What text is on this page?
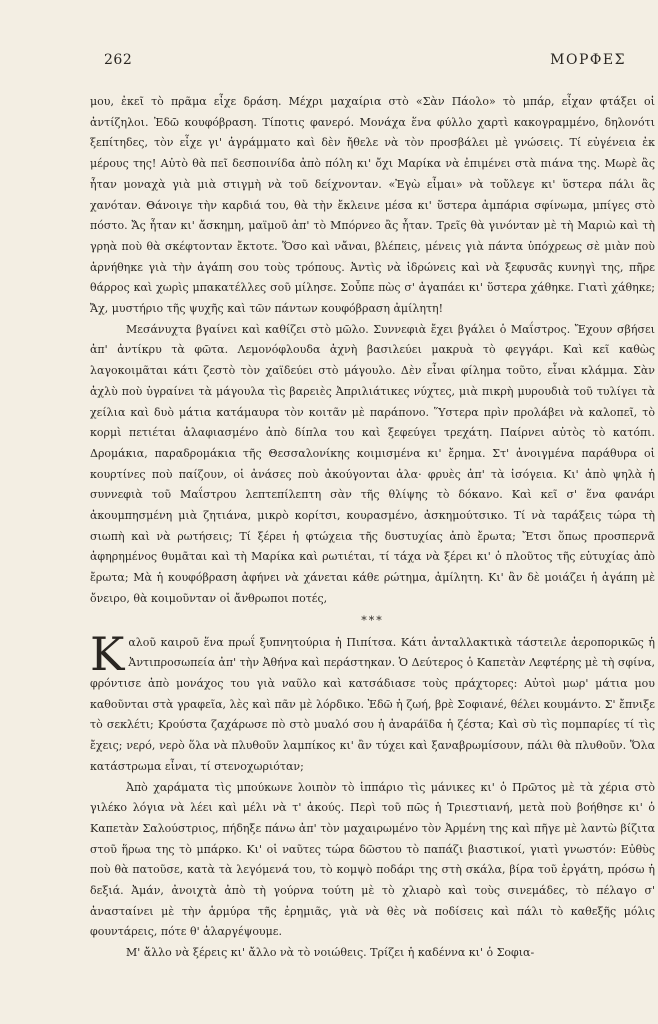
262	ΜΟΡΦΕΣ

μου, ἐκεῖ τὸ πρᾶμα εἶχε δράση. Μέχρι μαχαίρια στὸ «Σὰν Πάολο» τὸ μπάρ, εἶχαν φτάξει οἱ ἀντίζηλοι. Ἐδῶ κουφόβραση. Τίποτις φανερό. Μονάχα ἕνα φύλλο χαρτὶ κακογραμμένο, δηλονότι ξεπίτηδες, τὸν εἶχε γι' ἀγράμματο καὶ δὲν ἤθελε νὰ τὸν προσβάλει μὲ γνώσεις. Τί εὐγένεια ἐκ μέρους της! Αὐτὸ θὰ πεῖ δεσποινίδα ἀπὸ πόλη κι' ὄχι Μαρίκα νὰ ἐπιμένει στὰ πιάνα της. Μωρὲ ἂς ἦταν μοναχὰ γιὰ μιὰ στιγμὴ νὰ τοῦ δείχνονταν. «Ἐγὼ εἶμαι» νὰ τοὔλεγε κι' ὕστερα πάλι ἂς χανόταν. Θάνοιγε τὴν καρδιά του, θὰ τὴν ἔκλεινε μέσα κι' ὕστερα ἀμπάρια σφίνωμα, μπίγες στὸ πόστο. Ἄς ἦταν κι' ἄσκημη, μαϊμοῦ ἀπ' τὸ Μπόρνεο ἂς ἦταν. Τρεῖς θὰ γινόνταν μὲ τὴ Μαριὼ καὶ τὴ γρηὰ ποὺ θὰ σκέφτονταν ἔκτοτε. Ὅσο καὶ νἄναι, βλέπεις, μένεις γιὰ πάντα ὑπόχρεως σὲ μιὰν ποὺ ἀρνήθηκε γιὰ τὴν ἀγάπη σου τοὺς τρόπους. Ἀντὶς νὰ ἰδρώνεις καὶ νὰ ξεφυσᾶς κυνηγὶ της, πῆρε θάρρος καὶ χωρὶς μπακατέλλες σοῦ μίλησε. Σοὖπε πὼς σ' ἀγαπάει κι' ὕστερα χάθηκε. Γιατὶ χάθηκε; Ἄχ, μυστήριο τῆς ψυχῆς καὶ τῶν πάντων κουφόβραση ἀμίλητη!

Μεσάνυχτα βγαίνει καὶ καθίζει στὸ μῶλο. Συννεφιὰ ἔχει βγάλει ὁ Μαΐστρος. Ἔχουν σβήσει ἀπ' ἀντίκρυ τὰ φῶτα. Λεμονόφλουδα ἀχνὴ βασιλεύει μακρυὰ τὸ φεγγάρι. Καὶ κεῖ καθὼς λαγοκοιμᾶται κάτι ζεστὸ τὸν χαϊδεύει στὸ μάγουλο. Δὲν εἶναι φίλημα τοῦτο, εἶναι κλάμμα. Σὰν ἀχλὺ ποὺ ὑγραίνει τὰ μάγουλα τὶς βαρειὲς Ἀπριλιάτικες νύχτες, μιὰ πικρὴ μυρουδιὰ τοῦ τυλίγει τὰ χείλια καὶ δυὸ μάτια κατάμαυρα τὸν κοιτᾶν μὲ παράπονο. Ὕστερα πρὶν προλάβει νὰ καλοπεῖ, τὸ κορμὶ πετιέται ἀλαφιασμένο ἀπὸ δίπλα του καὶ ξεφεύγει τρεχάτη. Παίρνει αὐτὸς τὸ κατόπι. Δρομάκια, παραδρομάκια τῆς Θεσσαλονίκης κοιμισμένα κι' ἔρημα. Στ' ἀνοιγμένα παράθυρα οἱ κουρτίνες ποὺ παίζουν, οἱ ἀνάσες ποὺ ἀκούγονται ἀλα· φρυὲς ἀπ' τὰ ἰσόγεια. Κι' ἀπὸ ψηλὰ ἡ συννεφιὰ τοῦ Μαΐστρου λεπτεπίλεπτη σὰν τῆς θλίψης τὸ δόκανο. Καὶ κεῖ σ' ἕνα φανάρι ἀκουμπησμένη μιὰ ζητιάνα, μικρὸ κορίτσι, κουρασμένο, ἀσκημούτσικο. Τί νὰ ταράξεις τώρα τὴ σιωπὴ καὶ νὰ ρωτήσεις; Τί ξέρει ἡ φτώχεια τῆς δυστυχίας ἀπὸ ἔρωτα; Ἔτσι ὅπως προσπερνᾶ ἀφηρημένος θυμᾶται καὶ τὴ Μαρίκα καὶ ρωτιέται, τί τάχα νὰ ξέρει κι' ὁ πλοῦτος τῆς εὐτυχίας ἀπὸ ἔρωτα; Μὰ ἡ κουφόβραση ἀφήνει νὰ χάνεται κάθε ρώτημα, ἀμίλητη. Κι' ἂν δὲ μοιάζει ἡ ἀγάπη μὲ ὄνειρο, θὰ κοιμοῦνταν οἱ ἄνθρωποι ποτές,

***

Καλοῦ καιροῦ ἕνα πρωΐ ξυπνητούρια ἡ Πιπίτσα. Κάτι ἀνταλλακτικὰ τάστειλε ἀεροπορικῶς ἡ Ἀντιπροσωπεία ἀπ' τὴν Ἀθήνα καὶ περάστηκαν. Ὁ Δεύτερος ὁ Καπετὰν Λεφτέρης μὲ τὴ σφίνα, φρόντισε ἀπὸ μονάχος του γιὰ ναῦλο καὶ κατσάδιασε τοὺς πράχτορες: Αὐτοὶ μωρ' μάτια μου καθοῦνται στὰ γραφεῖα, λὲς καὶ πᾶν μὲ λόρδικο. Ἐδῶ ἡ ζωή, βρὲ Σοφιανέ, θέλει κουμάντο. Σ' ἔπνιξε τὸ σεκλέτι; Κρούστα ζαχάρωσε πὸ στὸ μυαλό σου ἡ ἀναράϊδα ἡ ζέστα; Καὶ σὺ τὶς πομπαρίες τί τὶς ἔχεις; νερό, νερὸ ὅλα νὰ πλυθοῦν λαμπίκος κι' ἂν τύχει καὶ ξαναβρωμίσουν, πάλι θὰ πλυθοῦν. Ὅλα κατάστρωμα εἶναι, τί στενοχωριόταν;

Ἀπὸ χαράματα τὶς μπούκωνε λοιπὸν τὸ ἱππάριο τὶς μάνικες κι' ὁ Πρῶτος μὲ τὰ χέρια στὸ γιλέκο λόγια νὰ λέει καὶ μέλι νὰ τ' ἀκούς. Περὶ τοῦ πῶς ἡ Τριεστιανή, μετὰ ποὺ βοήθησε κι' ὁ Καπετὰν Σαλούστριος, πήδηξε πάνω ἀπ' τὸν μαχαιρωμένο τὸν Ἀρμένη της καὶ πῆγε μὲ λαντὼ βίζιτα στοῦ ἥρωα της τὸ μπάρκο. Κι' οἱ ναῦτες τώρα δῶστου τὸ παπάζι βιαστικοί, γιατὶ γνωστόν: Εὐθὺς ποὺ θὰ πατοῦσε, κατὰ τὰ λεγόμενά του, τὸ κομψὸ ποδάρι της στὴ σκάλα, βίρα τοῦ ἐργάτη, πρόσω ἡ δεξιά. Ἀμάν, ἀνοιχτὰ ἀπὸ τὴ γούρνα τούτη μὲ τὸ χλιαρὸ καὶ τοὺς σινεμάδες, τὸ πέλαγο σ' ἀνασταίνει μὲ τὴν ἁρμύρα τῆς ἐρημιᾶς, γιὰ νὰ θὲς νὰ ποδίσεις καὶ πάλι τὸ καθεξῆς μόλις φουντάρεις, πότε θ' ἀλαργέψουμε.

Μ' ἄλλο νὰ ξέρεις κι' ἄλλο νὰ τὸ νοιώθεις. Τρίζει ἡ καδέννα κι' ὁ Σοφια-
